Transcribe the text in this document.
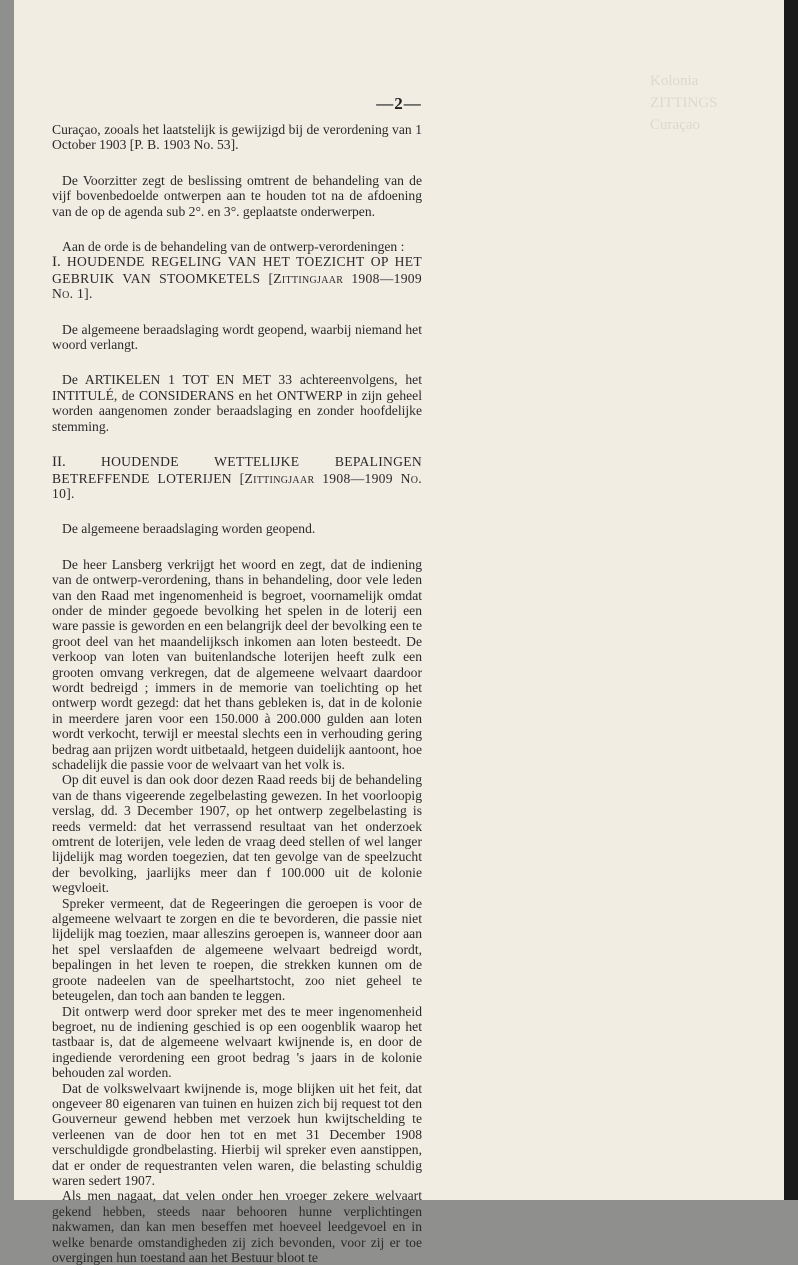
Kolonia
ZITTINGS
Curaçao
—2—

Curaçao, zooals het laatstelijk is gewijzigd bij de verordening van 1 October 1903 [P. B. 1903 No. 53].

De Voorzitter zegt de beslissing omtrent de behandeling van de vijf bovenbedoelde ontwerpen aan te houden tot na de afdoening van de op de agenda sub 2°. en 3°. geplaatste onderwerpen.

Aan de orde is de behandeling van de ontwerp-verordeningen :

I. HOUDENDE REGELING VAN HET TOEZICHT OP HET GEBRUIK VAN STOOMKETELS [Zittingjaar 1908—1909 No. 1].

De algemeene beraadslaging wordt geopend, waarbij niemand het woord verlangt.

De ARTIKELEN 1 TOT EN MET 33 achtereenvolgens, het INTITULÉ, de CONSIDERANS en het ONTWERP in zijn geheel worden aangenomen zonder beraadslaging en zonder hoofdelijke stemming.

II.	HOUDENDE WETTELIJKE BEPALINGEN BETREFFENDE LOTERIJEN [Zittingjaar 1908—1909 No. 10].

De algemeene beraadslaging worden geopend.

De heer Lansberg verkrijgt het woord en zegt, dat de indiening van de ontwerp-verordening, thans in behandeling, door vele leden van den Raad met ingenomenheid is begroet, voornamelijk omdat onder de minder gegoede bevolking het spelen in de loterij een ware passie is geworden en een belangrijk deel der bevolking een te groot deel van het maandelijksch inkomen aan loten besteedt. De verkoop van loten van buitenlandsche loterijen heeft zulk een grooten omvang verkregen, dat de algemeene welvaart daardoor wordt bedreigd ; immers in de memorie van toelichting op het ontwerp wordt gezegd: dat het thans gebleken is, dat in de kolonie in meerdere jaren voor een 150.000 à 200.000 gulden aan loten wordt verkocht, terwijl er meestal slechts een in verhouding gering bedrag aan prijzen wordt uitbetaald, hetgeen duidelijk aantoont, hoe schadelijk die passie voor de welvaart van het volk is.

Op dit euvel is dan ook door dezen Raad reeds bij de behandeling van de thans vigeerende zegelbelasting gewezen. In het voorloopig verslag, dd. 3 December 1907, op het ontwerp zegelbelasting is reeds vermeld: dat het verrassend resultaat van het onderzoek omtrent de loterijen, vele leden de vraag deed stellen of wel langer lijdelijk mag worden toegezien, dat ten gevolge van de speelzucht der bevolking, jaarlijks meer dan f 100.000 uit de kolonie wegvloeit.

Spreker vermeent, dat de Regeeringen die geroepen is voor de algemeene welvaart te zorgen en die te bevorderen, die passie niet lijdelijk mag toezien, maar alleszins geroepen is, wanneer door aan het spel verslaafden de algemeene welvaart bedreigd wordt, bepalingen in het leven te roepen, die strekken kunnen om de groote nadeelen van de speelhartstocht, zoo niet geheel te beteugelen, dan toch aan banden te leggen.

Dit ontwerp werd door spreker met des te meer ingenomenheid begroet, nu de indiening geschied is op een oogenblik waarop het tastbaar is, dat de algemeene welvaart kwijnende is, en door de ingediende verordening een groot bedrag 's jaars in de kolonie behouden zal worden.

Dat de volkswelvaart kwijnende is, moge blijken uit het feit, dat ongeveer 80 eigenaren van tuinen en huizen zich bij request tot den Gouverneur gewend hebben met verzoek hun kwijtschelding te verleenen van de door hen tot en met 31 December 1908 verschuldigde grondbelasting. Hierbij wil spreker even aanstippen, dat er onder de requestranten velen waren, die belasting schuldig waren sedert 1907.

Als men nagaat, dat velen onder hen vroeger zekere welvaart gekend hebben, steeds naar behooren hunne verplichtingen nakwamen, dan kan men beseffen met hoeveel leedgevoel en in welke benarde omstandigheden zij zich bevonden, voor zij er toe overgingen hun toestand aan het Bestuur bloot te
